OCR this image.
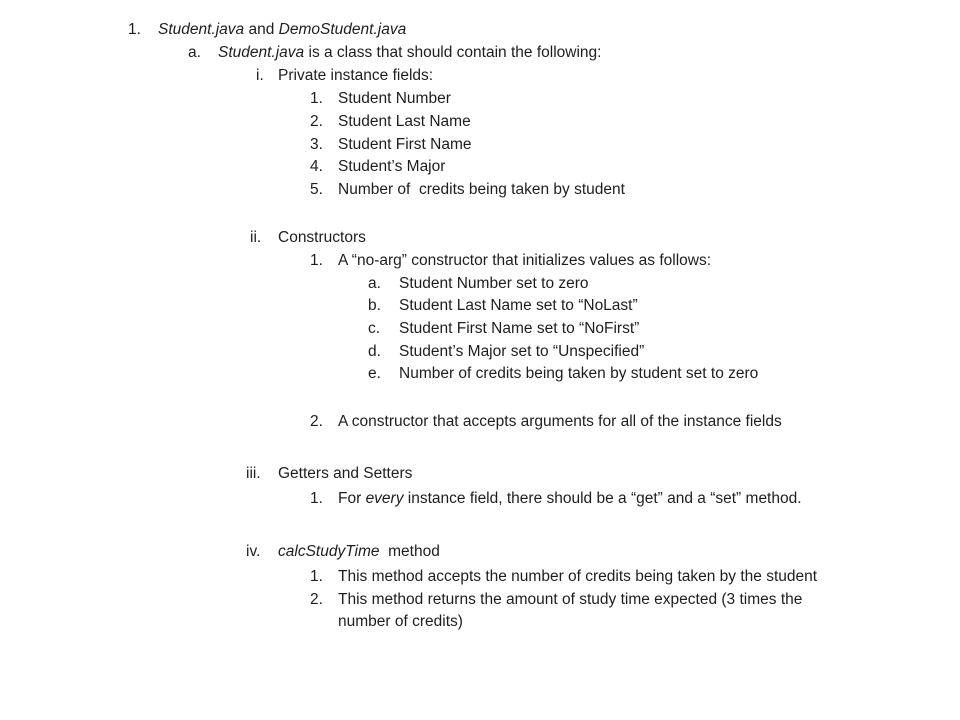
1. Student.java and DemoStudent.java
a. Student.java is a class that should contain the following:
i. Private instance fields:
1. Student Number
2. Student Last Name
3. Student First Name
4. Student’s Major
5. Number of  credits being taken by student
ii. Constructors
1. A “no-arg” constructor that initializes values as follows:
a. Student Number set to zero
b. Student Last Name set to “NoLast”
c. Student First Name set to “NoFirst”
d. Student’s Major set to “Unspecified”
e. Number of credits being taken by student set to zero
2. A constructor that accepts arguments for all of the instance fields
iii. Getters and Setters
1. For every instance field, there should be a “get” and a “set” method.
iv. calcStudyTime  method
1. This method accepts the number of credits being taken by the student
2. This method returns the amount of study time expected (3 times the
number of credits)
